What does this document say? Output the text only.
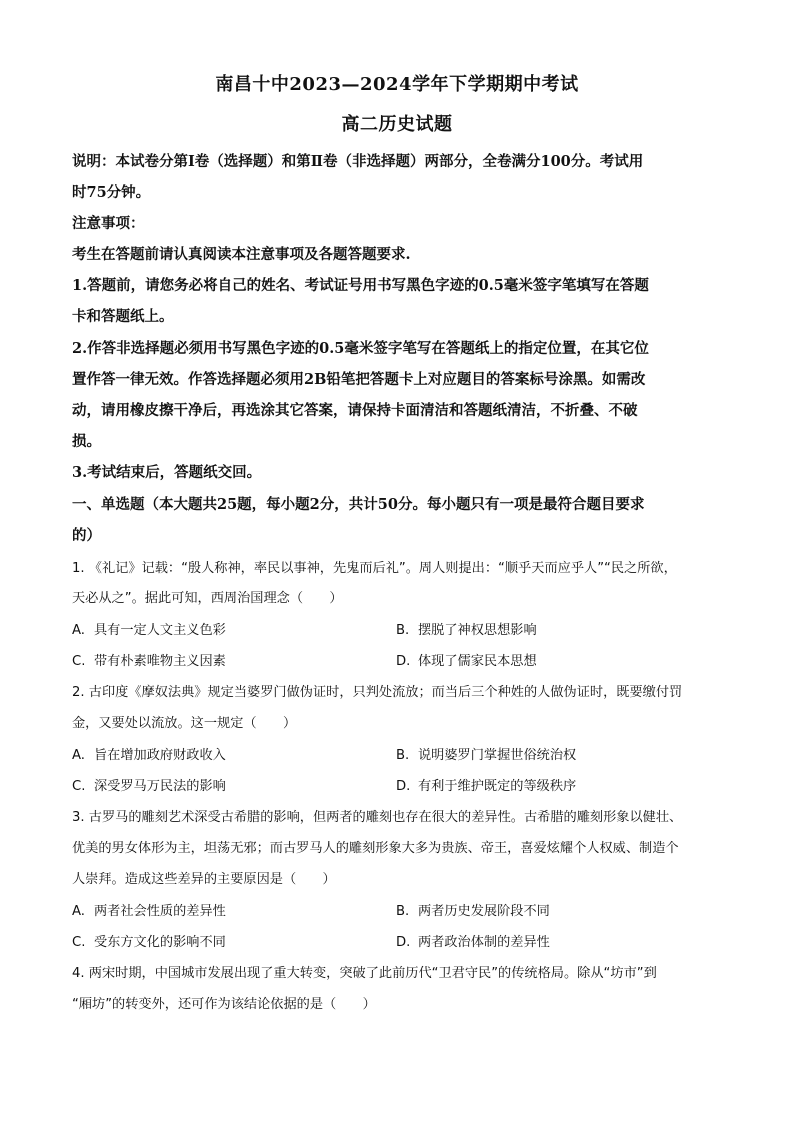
南昌十中2023—2024学年下学期期中考试
高二历史试题
说明：本试卷分第Ⅰ卷（选择题）和第Ⅱ卷（非选择题）两部分，全卷满分100分。考试用
时75分钟。
注意事项：
考生在答题前请认真阅读本注意事项及各题答题要求.
1.答题前，请您务必将自己的姓名、考试证号用书写黑色字迹的0.5毫米签字笔填写在答题
卡和答题纸上。
2.作答非选择题必须用书写黑色字迹的0.5毫米签字笔写在答题纸上的指定位置，在其它位
置作答一律无效。作答选择题必须用2B铅笔把答题卡上对应题目的答案标号涂黑。如需改
动，请用橡皮擦干净后，再选涂其它答案，请保持卡面清洁和答题纸清洁，不折叠、不破
损。
3.考试结束后，答题纸交回。
一、单选题（本大题共25题，每小题2分，共计50分。每小题只有一项是最符合题目要求
的）
1. 《礼记》记载：“殷人称神，率民以事神，先鬼而后礼”。周人则提出：“顺乎天而应乎人”“民之所欲，
天必从之”。据此可知，西周治国理念（　　）
A. 具有一定人文主义色彩	B. 摆脱了神权思想影响
C. 带有朴素唯物主义因素	D. 体现了儒家民本思想
2. 古印度《摩奴法典》规定当婆罗门做伪证时，只判处流放；而当后三个种姓的人做伪证时，既要缴付罚
金，又要处以流放。这一规定（　　）
A. 旨在增加政府财政收入	B. 说明婆罗门掌握世俗统治权
C. 深受罗马万民法的影响	D. 有利于维护既定的等级秩序
3. 古罗马的雕刻艺术深受古希腊的影响，但两者的雕刻也存在很大的差异性。古希腊的雕刻形象以健壮、
优美的男女体形为主，坦荡无邪；而古罗马人的雕刻形象大多为贵族、帝王，喜爱炫耀个人权威、制造个
人崇拜。造成这些差异的主要原因是（　　）
A. 两者社会性质的差异性	B. 两者历史发展阶段不同
C. 受东方文化的影响不同	D. 两者政治体制的差异性
4. 两宋时期，中国城市发展出现了重大转变，突破了此前历代“卫君守民”的传统格局。除从“坊市”到
“厢坊”的转变外，还可作为该结论依据的是（　　）
